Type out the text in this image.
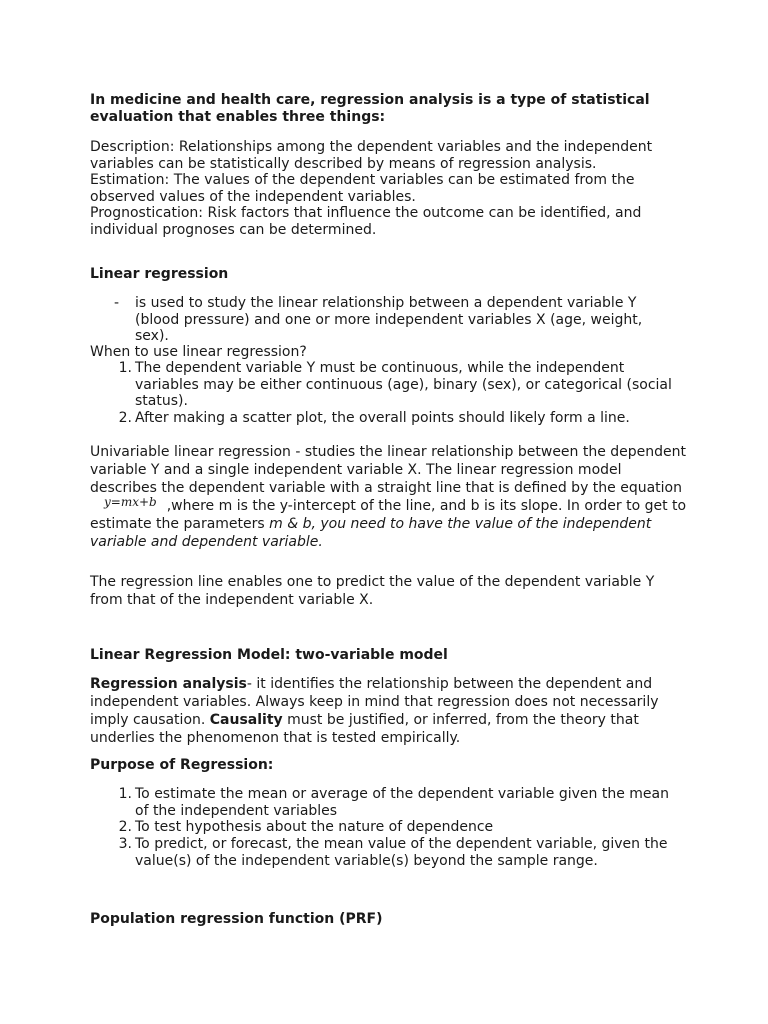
In medicine and health care, regression analysis is a type of statistical evaluation that enables three things:
Description: Relationships among the dependent variables and the independent variables can be statistically described by means of regression analysis.
Estimation: The values of the dependent variables can be estimated from the observed values of the independent variables.
Prognostication: Risk factors that influence the outcome can be identified, and individual prognoses can be determined.
Linear regression
- is used to study the linear relationship between a dependent variable Y (blood pressure) and one or more independent variables X (age, weight, sex).
When to use linear regression?
1. The dependent variable Y must be continuous, while the independent variables may be either continuous (age), binary (sex), or categorical (social status).
2. After making a scatter plot, the overall points should likely form a line.
Univariable linear regression - studies the linear relationship between the dependent variable Y and a single independent variable X. The linear regression model describes the dependent variable with a straight line that is defined by the equationy=mx+b ,where m is the y-intercept of the line, and b is its slope. In order to get to estimate the parameters m & b, you need to have the value of the independent variable and dependent variable.
The regression line enables one to predict the value of the dependent variable Y from that of the independent variable X.
Linear Regression Model: two-variable model
Regression analysis- it identifies the relationship between the dependent and independent variables. Always keep in mind that regression does not necessarily imply causation. Causality must be justified, or inferred, from the theory that underlies the phenomenon that is tested empirically.
Purpose of Regression:
1. To estimate the mean or average of the dependent variable given the mean of the independent variables
2. To test hypothesis about the nature of dependence
3. To predict, or forecast, the mean value of the dependent variable, given the value(s) of the independent variable(s) beyond the sample range.
Population regression function (PRF)
